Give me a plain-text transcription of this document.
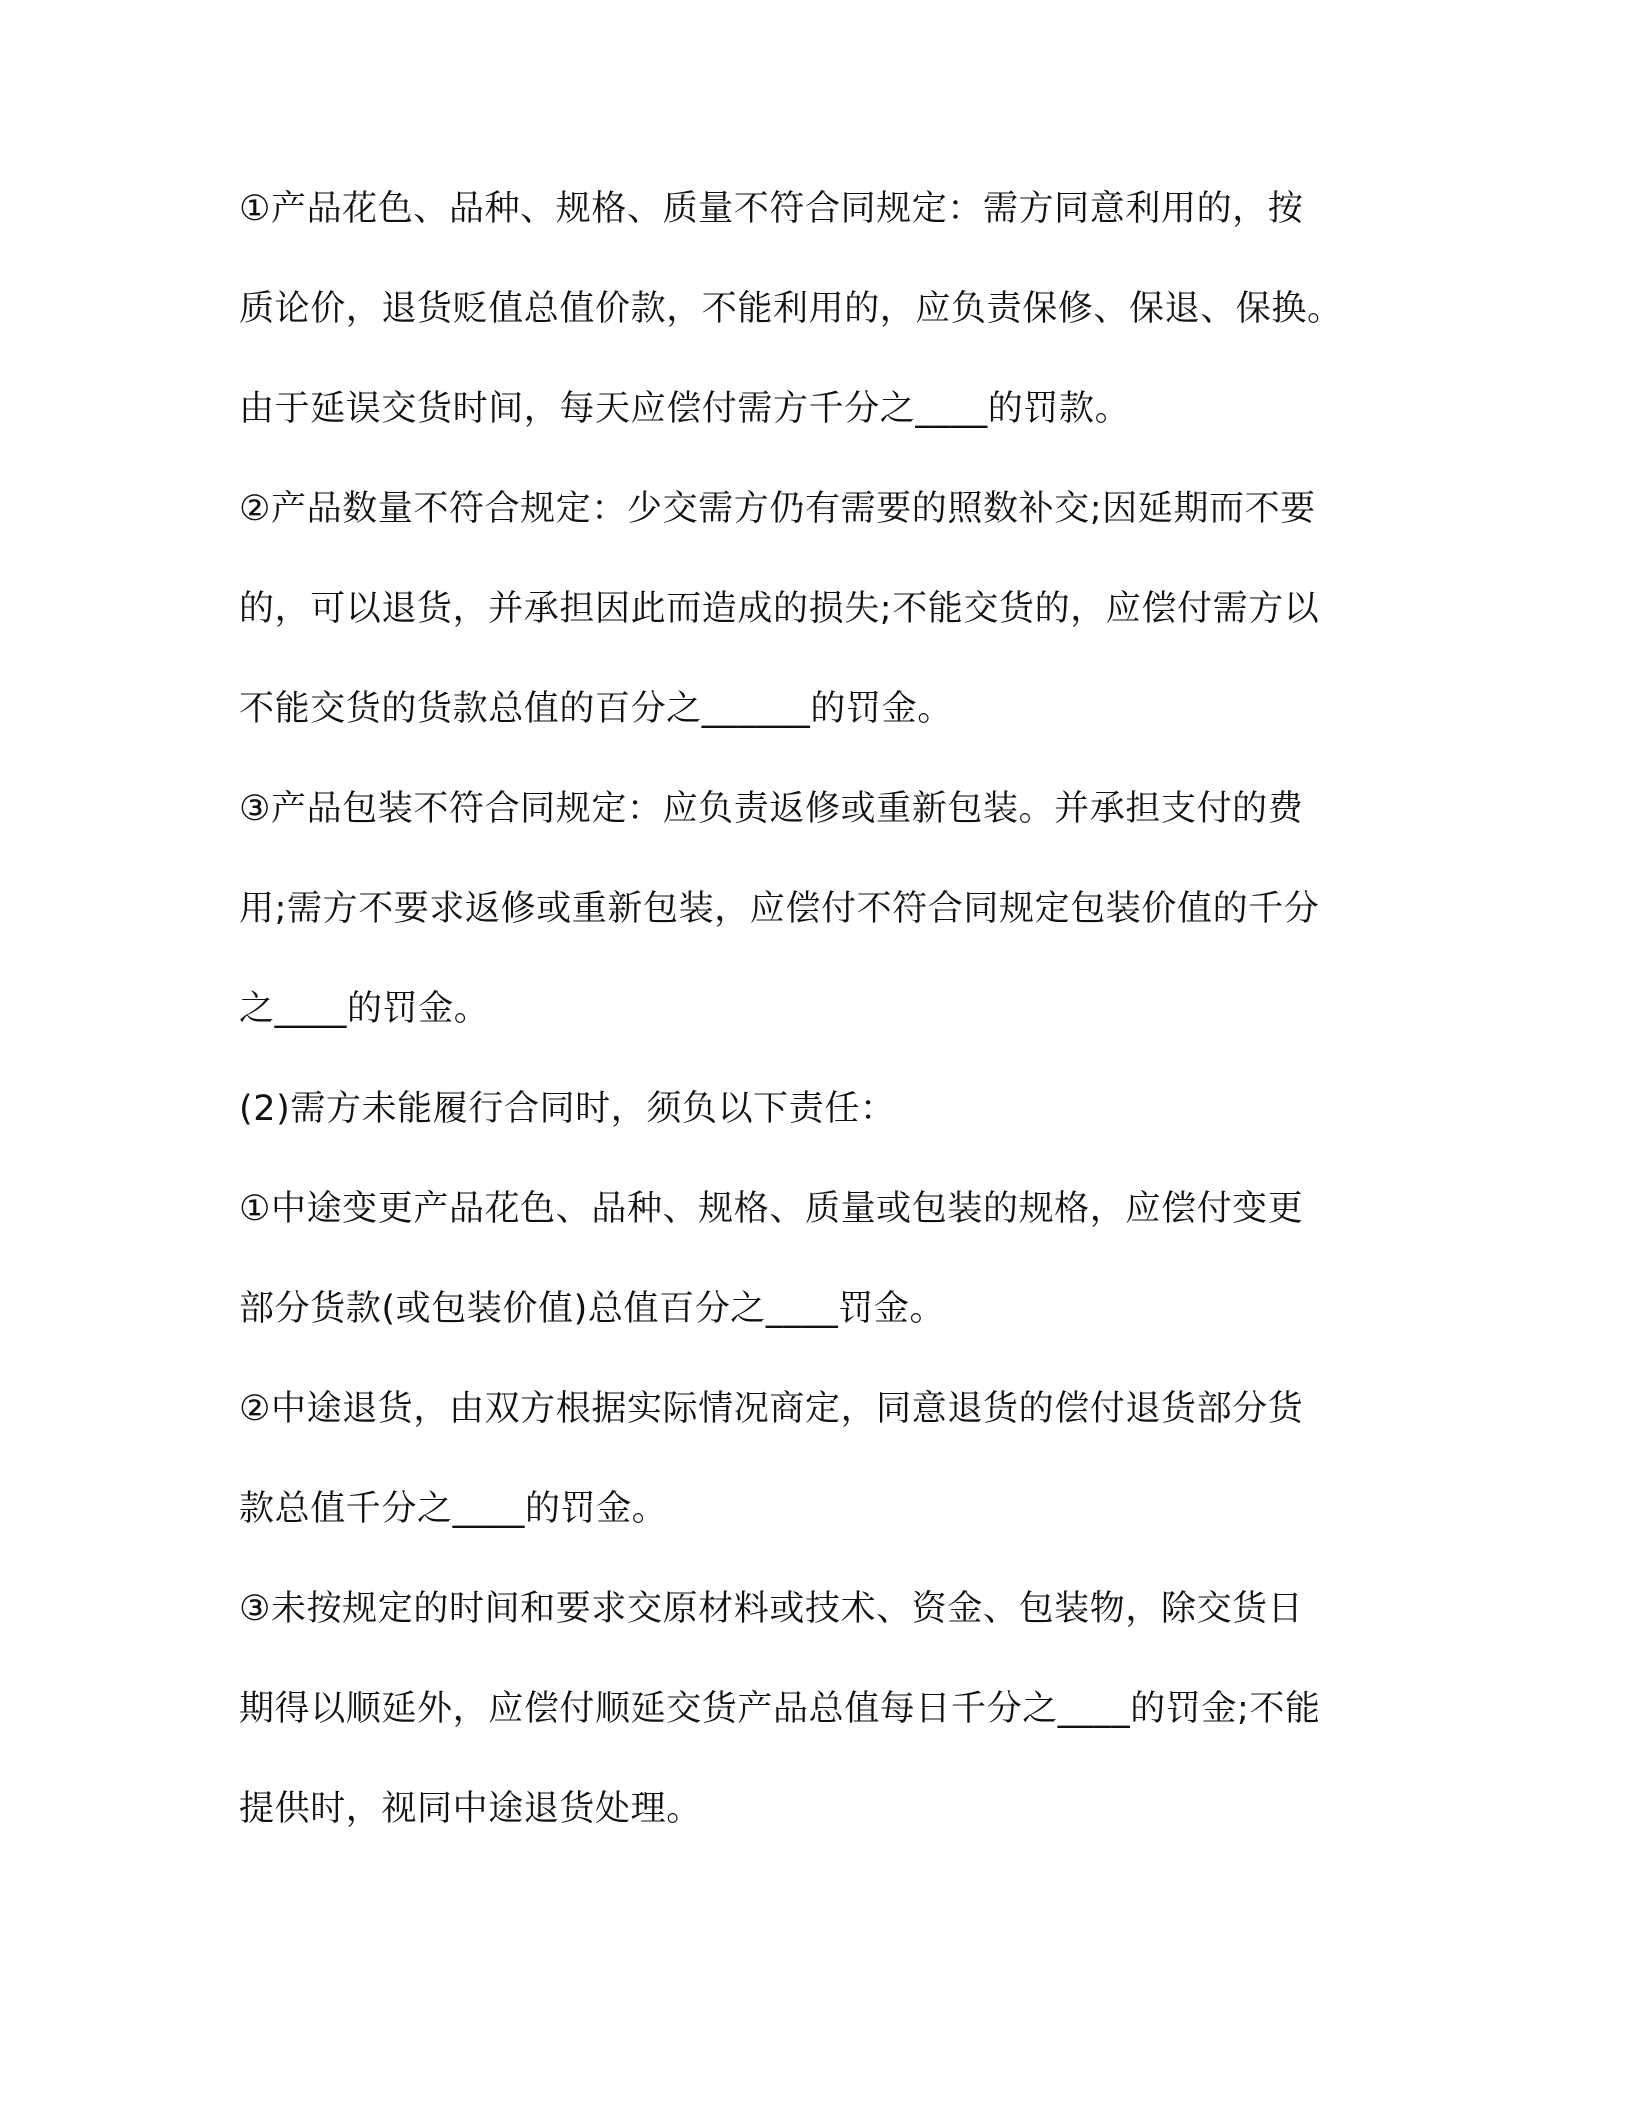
①产品花色、品种、规格、质量不符合同规定：需方同意利用的，按
质论价，退货贬值总值价款，不能利用的，应负责保修、保退、保换。
由于延误交货时间，每天应偿付需方千分之____的罚款。
②产品数量不符合规定：少交需方仍有需要的照数补交;因延期而不要
的，可以退货，并承担因此而造成的损失;不能交货的，应偿付需方以
不能交货的货款总值的百分之______的罚金。
③产品包装不符合同规定：应负责返修或重新包装。并承担支付的费
用;需方不要求返修或重新包装，应偿付不符合同规定包装价值的千分
之____的罚金。
(2)需方未能履行合同时，须负以下责任：
①中途变更产品花色、品种、规格、质量或包装的规格，应偿付变更
部分货款(或包装价值)总值百分之____罚金。
②中途退货，由双方根据实际情况商定，同意退货的偿付退货部分货
款总值千分之____的罚金。
③未按规定的时间和要求交原材料或技术、资金、包装物，除交货日
期得以顺延外，应偿付顺延交货产品总值每日千分之____的罚金;不能
提供时，视同中途退货处理。
